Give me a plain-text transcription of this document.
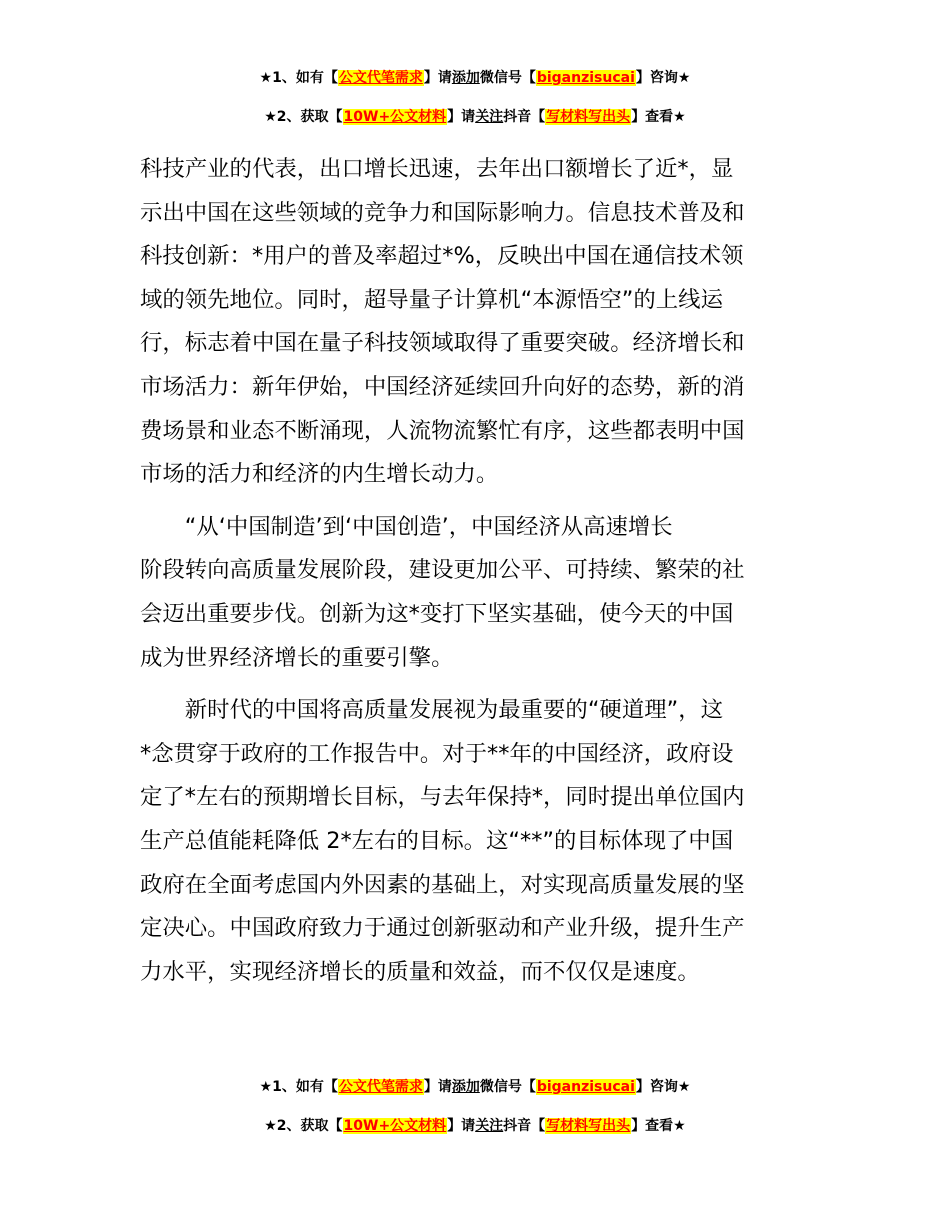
★1、如有【公文代笔需求】请添加微信号【biganzisucai】咨询★
★2、获取【10W+公文材料】请关注抖音【写材料写出头】查看★

科技产业的代表，出口增长迅速，去年出口额增长了近*，显
示出中国在这些领域的竞争力和国际影响力。信息技术普及和
科技创新：*用户的普及率超过*%，反映出中国在通信技术领
域的领先地位。同时，超导量子计算机“本源悟空”的上线运
行，标志着中国在量子科技领域取得了重要突破。经济增长和
市场活力：新年伊始，中国经济延续回升向好的态势，新的消
费场景和业态不断涌现，人流物流繁忙有序，这些都表明中国
市场的活力和经济的内生增长动力。

“从‘中国制造’到‘中国创造’，中国经济从高速增长
阶段转向高质量发展阶段，建设更加公平、可持续、繁荣的社
会迈出重要步伐。创新为这*变打下坚实基础，使今天的中国
成为世界经济增长的重要引擎。

新时代的中国将高质量发展视为最重要的“硬道理”，这
*念贯穿于政府的工作报告中。对于**年的中国经济，政府设
定了*左右的预期增长目标，与去年保持*，同时提出单位国内
生产总值能耗降低 2*左右的目标。这“**”的目标体现了中国
政府在全面考虑国内外因素的基础上，对实现高质量发展的坚
定决心。中国政府致力于通过创新驱动和产业升级，提升生产
力水平，实现经济增长的质量和效益，而不仅仅是速度。

★1、如有【公文代笔需求】请添加微信号【biganzisucai】咨询★
★2、获取【10W+公文材料】请关注抖音【写材料写出头】查看★
